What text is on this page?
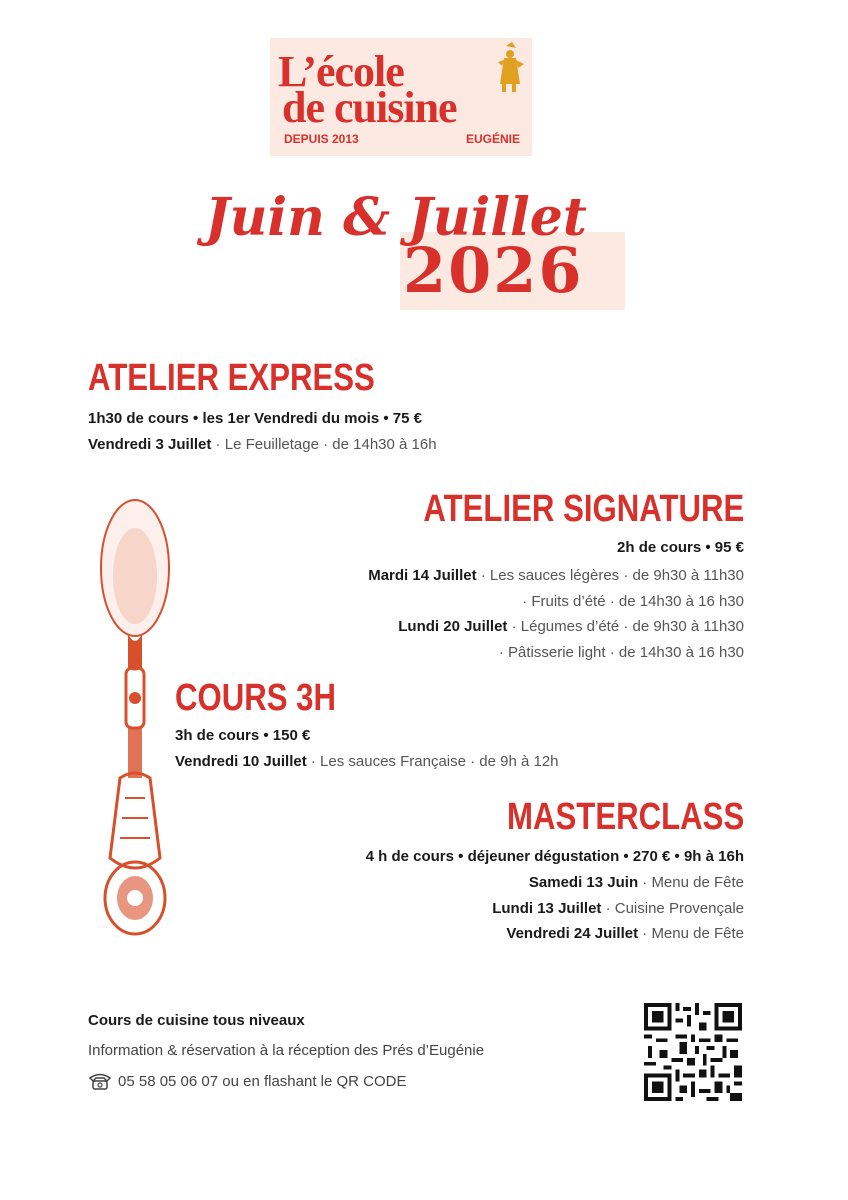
L’école
de cuisine
DEPUIS 2013	EUGÉNIE
Juin & Juillet
2026
ATELIER EXPRESS
1h30 de cours • les 1er Vendredi du mois • 75 €
Vendredi 3 Juillet · Le Feuilletage · de 14h30 à 16h
ATELIER SIGNATURE
2h de cours • 95 €
Mardi 14 Juillet · Les sauces légères · de 9h30 à 11h30
· Fruits d’été · de 14h30 à 16 h30
Lundi 20 Juillet · Légumes d’été · de 9h30 à 11h30
· Pâtisserie light · de 14h30 à 16 h30
COURS 3H
3h de cours • 150 €
Vendredi 10 Juillet · Les sauces Française · de 9h à 12h
MASTERCLASS
4 h de cours • déjeuner dégustation • 270 € • 9h à 16h
Samedi 13 Juin · Menu de Fête
Lundi 13 Juillet · Cuisine Provençale
Vendredi 24 Juillet · Menu de Fête
Cours de cuisine tous niveaux
Information & réservation à la réception des Prés d’Eugénie
05 58 05 06 07 ou en flashant le QR CODE
